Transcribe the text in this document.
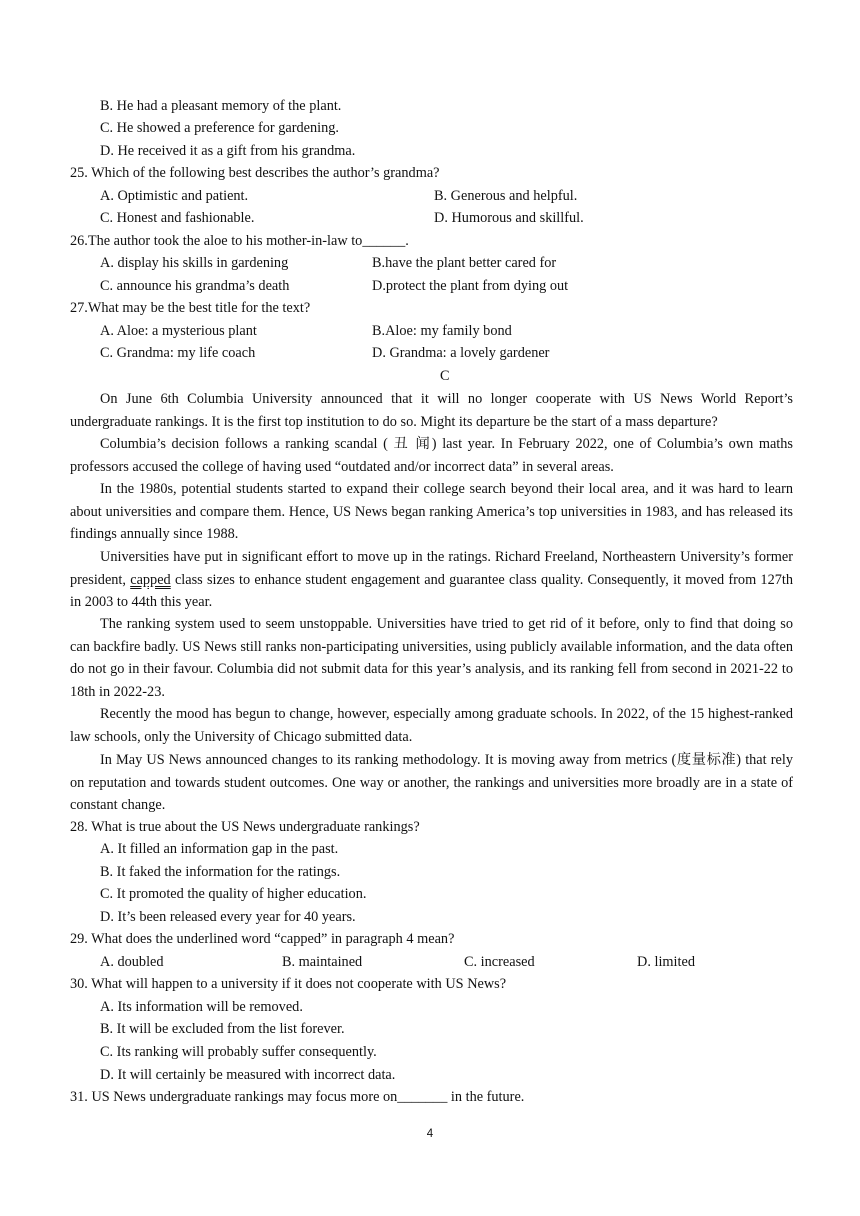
B. He had a pleasant memory of the plant.
C. He showed a preference for gardening.
D. He received it as a gift from his grandma.
25. Which of the following best describes the author’s grandma?
A. Optimistic and patient.	B. Generous and helpful.
C. Honest and fashionable.	D. Humorous and skillful.
26.The author took the aloe to his mother-in-law to______.
A. display his skills in gardening	B.have the plant better cared for
C. announce his grandma’s death	D.protect the plant from dying out
27.What may be the best title for the text?
A. Aloe: a mysterious plant	B.Aloe: my family bond
C. Grandma: my life coach	D. Grandma: a lovely gardener
C
On June 6th Columbia University announced that it will no longer cooperate with US News World Report’s undergraduate rankings. It is the first top institution to do so. Might its departure be the start of a mass departure?
Columbia’s decision follows a ranking scandal ( 丑 闻) last year. In February 2022, one of Columbia’s own maths professors accused the college of having used “outdated and/or incorrect data” in several areas.
In the 1980s, potential students started to expand their college search beyond their local area, and it was hard to learn about universities and compare them. Hence, US News began ranking America’s top universities in 1983, and has released its findings annually since 1988.
Universities have put in significant effort to move up in the ratings. Richard Freeland, Northeastern University’s former president, capped class sizes to enhance student engagement and guarantee class quality. Consequently, it moved from 127th in 2003 to 44th this year.
The ranking system used to seem unstoppable. Universities have tried to get rid of it before, only to find that doing so can backfire badly. US News still ranks non-participating universities, using publicly available information, and the data often do not go in their favour. Columbia did not submit data for this year’s analysis, and its ranking fell from second in 2021-22 to 18th in 2022-23.
Recently the mood has begun to change, however, especially among graduate schools. In 2022, of the 15 highest-ranked law schools, only the University of Chicago submitted data.
In May US News announced changes to its ranking methodology. It is moving away from metrics (度量标准) that rely on reputation and towards student outcomes. One way or another, the rankings and universities more broadly are in a state of constant change.
28. What is true about the US News undergraduate rankings?
A. It filled an information gap in the past.
B. It faked the information for the ratings.
C. It promoted the quality of higher education.
D. It’s been released every year for 40 years.
29. What does the underlined word “capped” in paragraph 4 mean?
A. doubled	B. maintained	C. increased	D. limited
30. What will happen to a university if it does not cooperate with US News?
A. Its information will be removed.
B. It will be excluded from the list forever.
C. Its ranking will probably suffer consequently.
D. It will certainly be measured with incorrect data.
31. US News undergraduate rankings may focus more on_______ in the future.
4
